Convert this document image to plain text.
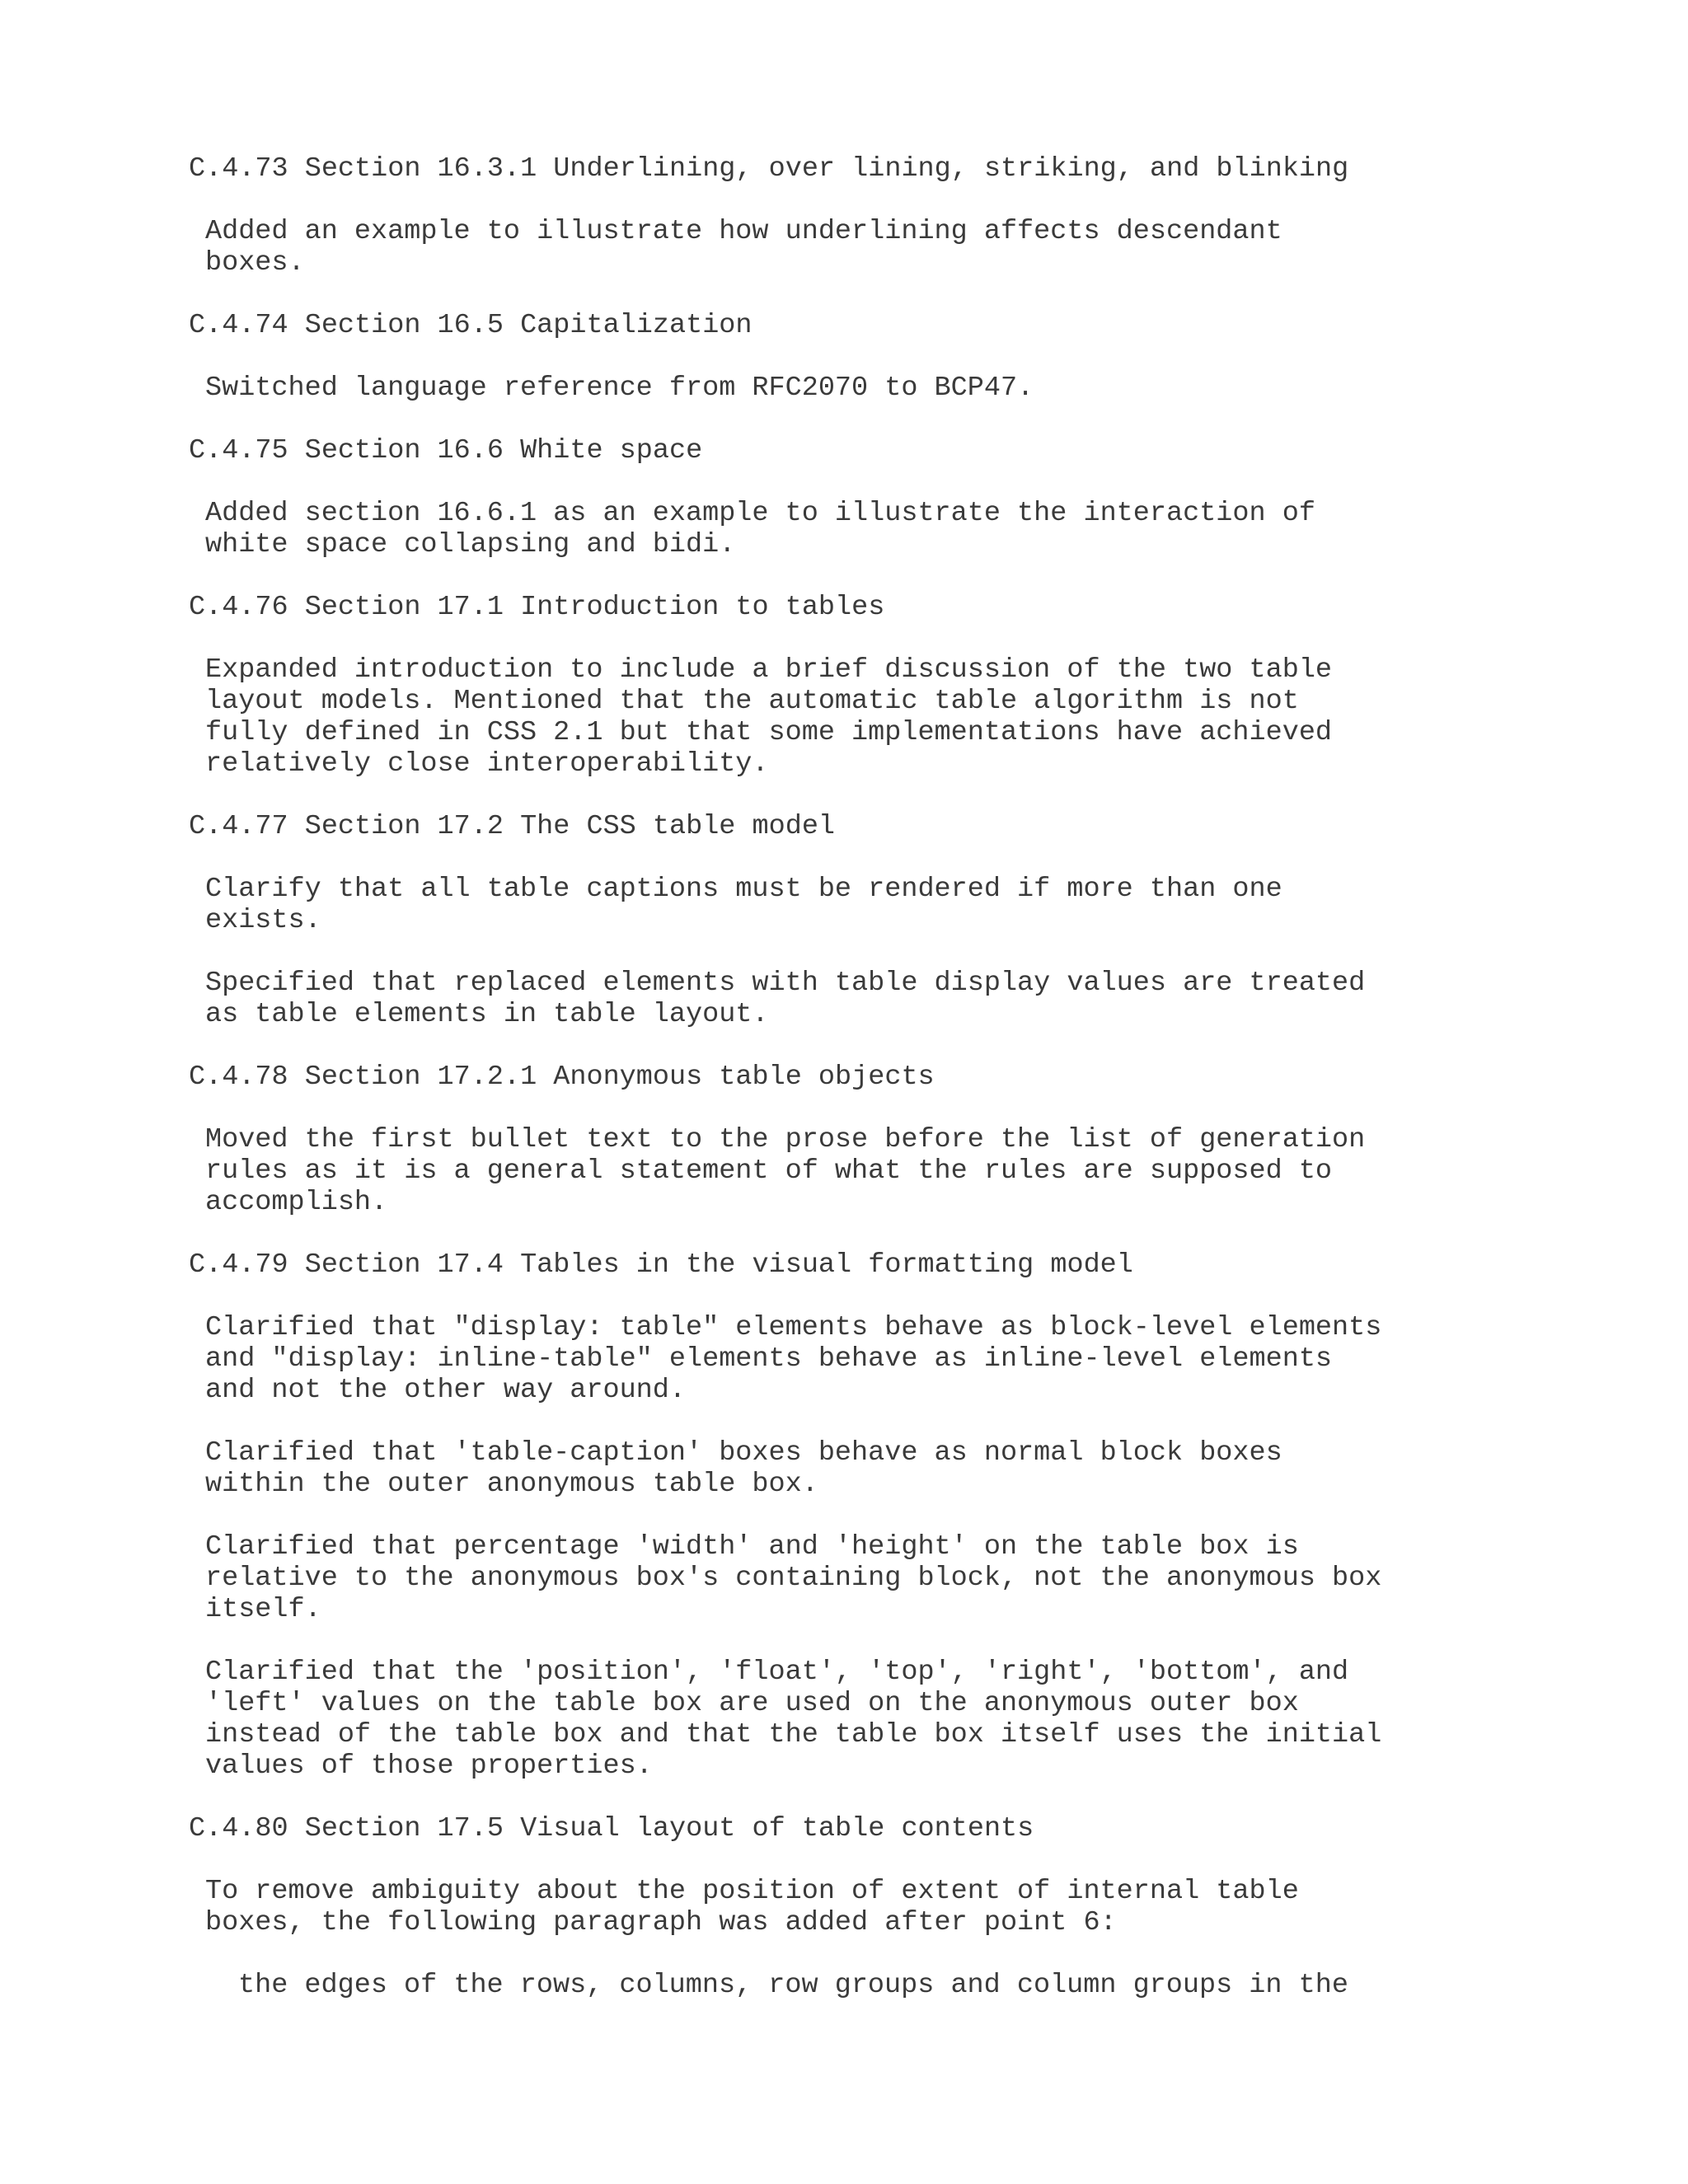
C.4.73 Section 16.3.1 Underlining, over lining, striking, and blinking

Added an example to illustrate how underlining affects descendant
boxes.

C.4.74 Section 16.5 Capitalization

Switched language reference from RFC2070 to BCP47.

C.4.75 Section 16.6 White space

Added section 16.6.1 as an example to illustrate the interaction of
white space collapsing and bidi.

C.4.76 Section 17.1 Introduction to tables

Expanded introduction to include a brief discussion of the two table
layout models. Mentioned that the automatic table algorithm is not
fully defined in CSS 2.1 but that some implementations have achieved
relatively close interoperability.

C.4.77 Section 17.2 The CSS table model

Clarify that all table captions must be rendered if more than one
exists.

Specified that replaced elements with table display values are treated
as table elements in table layout.

C.4.78 Section 17.2.1 Anonymous table objects

Moved the first bullet text to the prose before the list of generation
rules as it is a general statement of what the rules are supposed to
accomplish.

C.4.79 Section 17.4 Tables in the visual formatting model

Clarified that "display: table" elements behave as block-level elements
and "display: inline-table" elements behave as inline-level elements
and not the other way around.

Clarified that 'table-caption' boxes behave as normal block boxes
within the outer anonymous table box.

Clarified that percentage 'width' and 'height' on the table box is
relative to the anonymous box's containing block, not the anonymous box
itself.

Clarified that the 'position', 'float', 'top', 'right', 'bottom', and
'left' values on the table box are used on the anonymous outer box
instead of the table box and that the table box itself uses the initial
values of those properties.

C.4.80 Section 17.5 Visual layout of table contents

To remove ambiguity about the position of extent of internal table
boxes, the following paragraph was added after point 6:

the edges of the rows, columns, row groups and column groups in the
